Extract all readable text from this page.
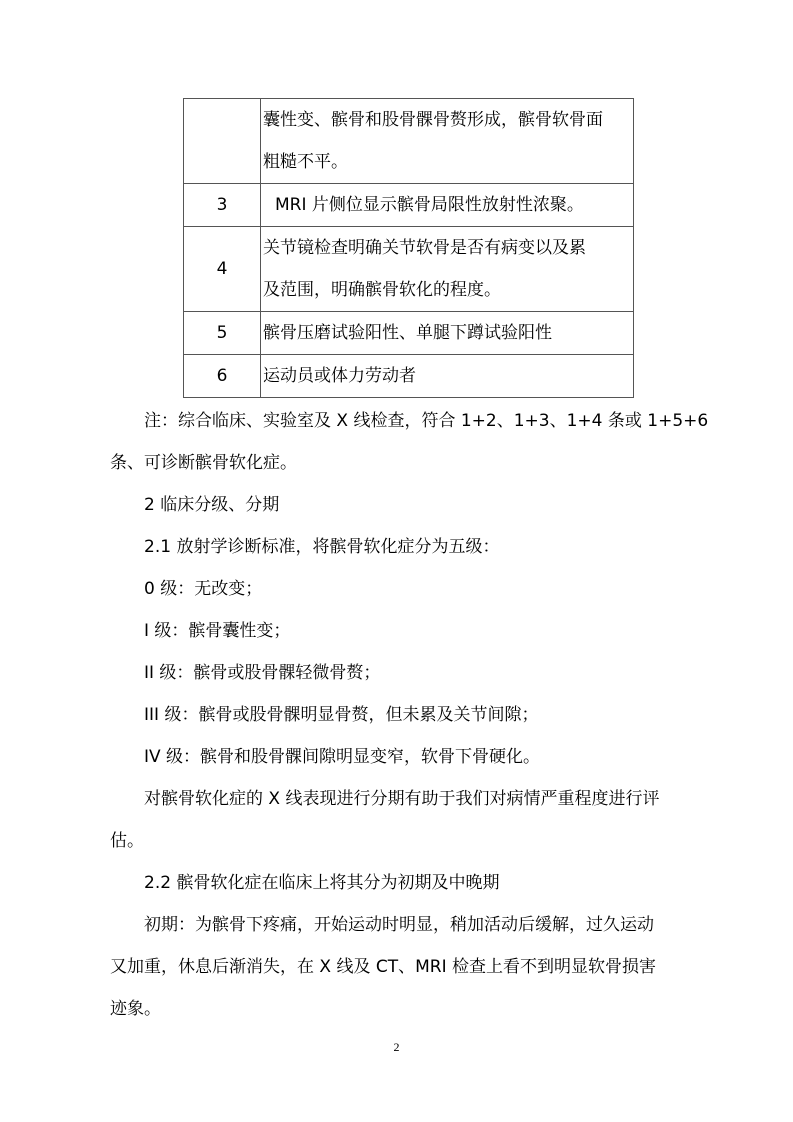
	囊性变、髌骨和股骨髁骨赘形成，髌骨软骨面
粗糙不平。

3	MRI 片侧位显示髌骨局限性放射性浓聚。

4	关节镜检查明确关节软骨是否有病变以及累
及范围，明确髌骨软化的程度。

5	髌骨压磨试验阳性、单腿下蹲试验阳性

6	运动员或体力劳动者
注：综合临床、实验室及 X 线检查，符合 1+2、1+3、1+4 条或 1+5+6
条、可诊断髌骨软化症。
2 临床分级、分期
2.1 放射学诊断标准，将髌骨软化症分为五级：
0 级：无改变；
I 级：髌骨囊性变；
II 级：髌骨或股骨髁轻微骨赘；
III 级：髌骨或股骨髁明显骨赘，但未累及关节间隙；
IV 级：髌骨和股骨髁间隙明显变窄，软骨下骨硬化。
对髌骨软化症的 X 线表现进行分期有助于我们对病情严重程度进行评
估。
2.2 髌骨软化症在临床上将其分为初期及中晚期
初期：为髌骨下疼痛，开始运动时明显，稍加活动后缓解，过久运动
又加重，休息后渐消失，在 X 线及 CT、MRI 检查上看不到明显软骨损害
迹象。
2
